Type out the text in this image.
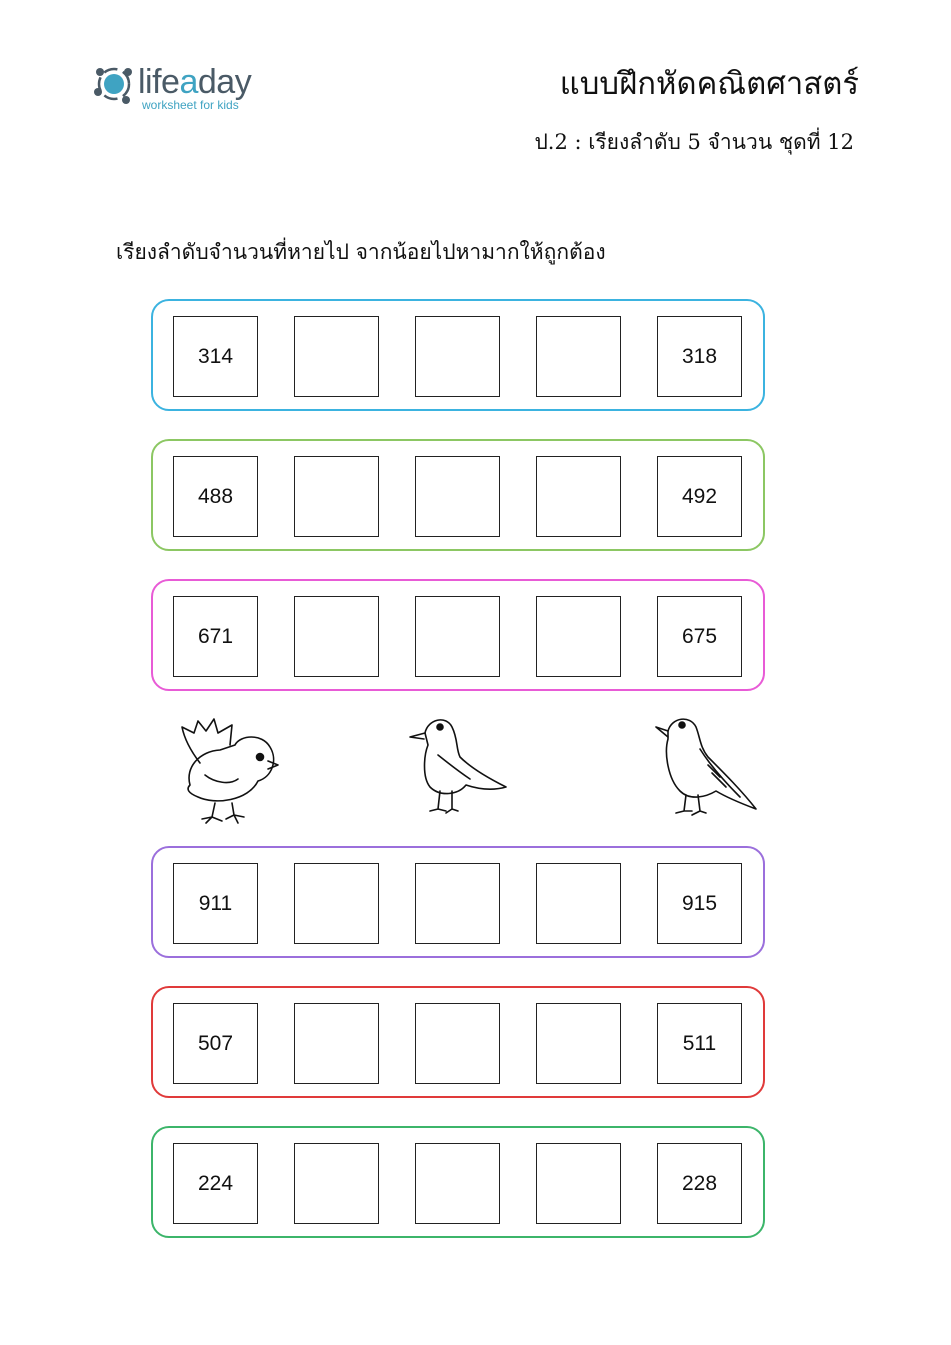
lifeaday
worksheet for kids
แบบฝึกหัดคณิตศาสตร์
ป.2 : เรียงลำดับ 5 จำนวน ชุดที่ 12
เรียงลำดับจำนวนที่หายไป จากน้อยไปหามากให้ถูกต้อง
314	318
488	492
671	675
911	915
507	511
224	228
